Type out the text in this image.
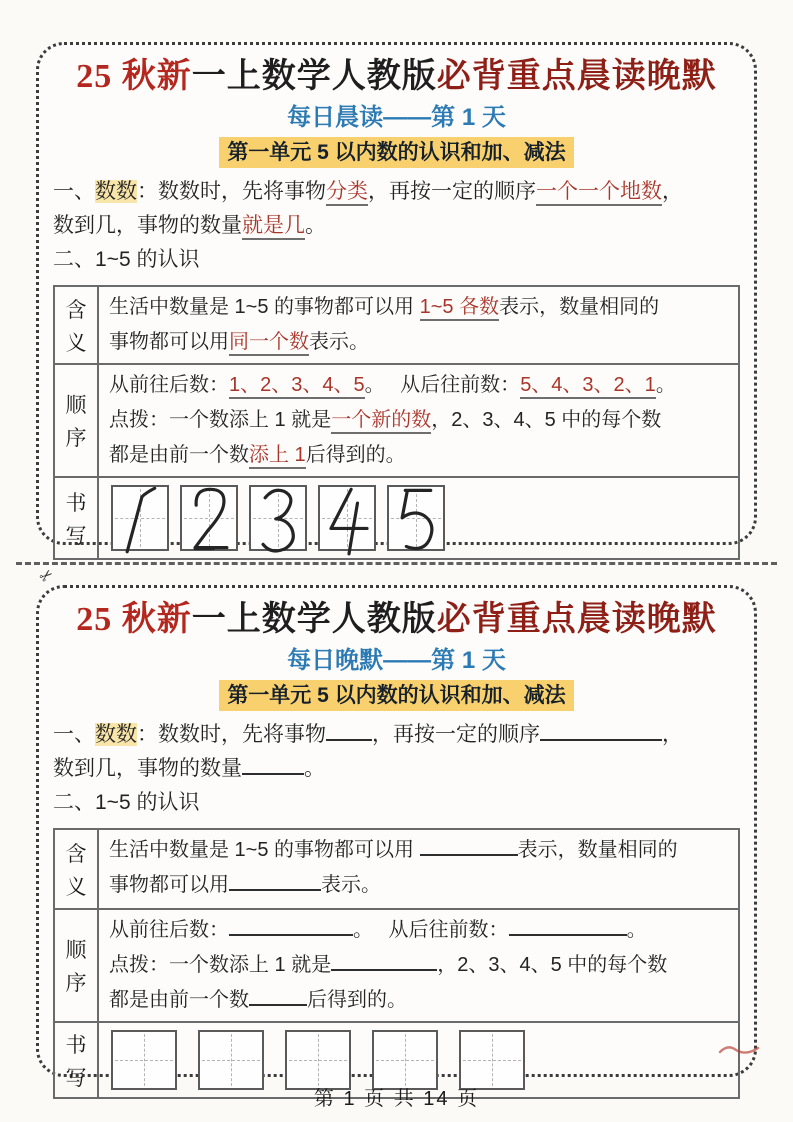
25 秋新一上数学人教版必背重点晨读晚默
每日晨读——第 1 天
第一单元 5 以内数的认识和加、减法
一、数数：数数时，先将事物分类，再按一定的顺序一个一个地数，
数到几，事物的数量就是几。
二、1~5 的认识
含
义
生活中数量是 1~5 的事物都可以用 1~5 各数表示，数量相同的
事物都可以用同一个数表示。
顺
序
从前往后数：1、2、3、4、5。　 从后往前数：5、4、3、2、1。
点拨：一个数添上 1 就是一个新的数，2、3、4、5 中的每个数
都是由前一个数添上 1后得到的。
书
写
✂
25 秋新一上数学人教版必背重点晨读晚默
每日晚默——第 1 天
第一单元 5 以内数的认识和加、减法
一、数数：数数时，先将事物 ，再按一定的顺序	，
数到几，事物的数量	。
二、1~5 的认识
含
义
生活中数量是 1~5 的事物都可以用	表示，数量相同的
事物都可以用	表示。
顺
序
从前往后数：	。　 从后往前数：	。
点拨：一个数添上 1 就是	，2、3、4、5 中的每个数
都是由前一个数	后得到的。
书
写
第 1 页 共 14 页
